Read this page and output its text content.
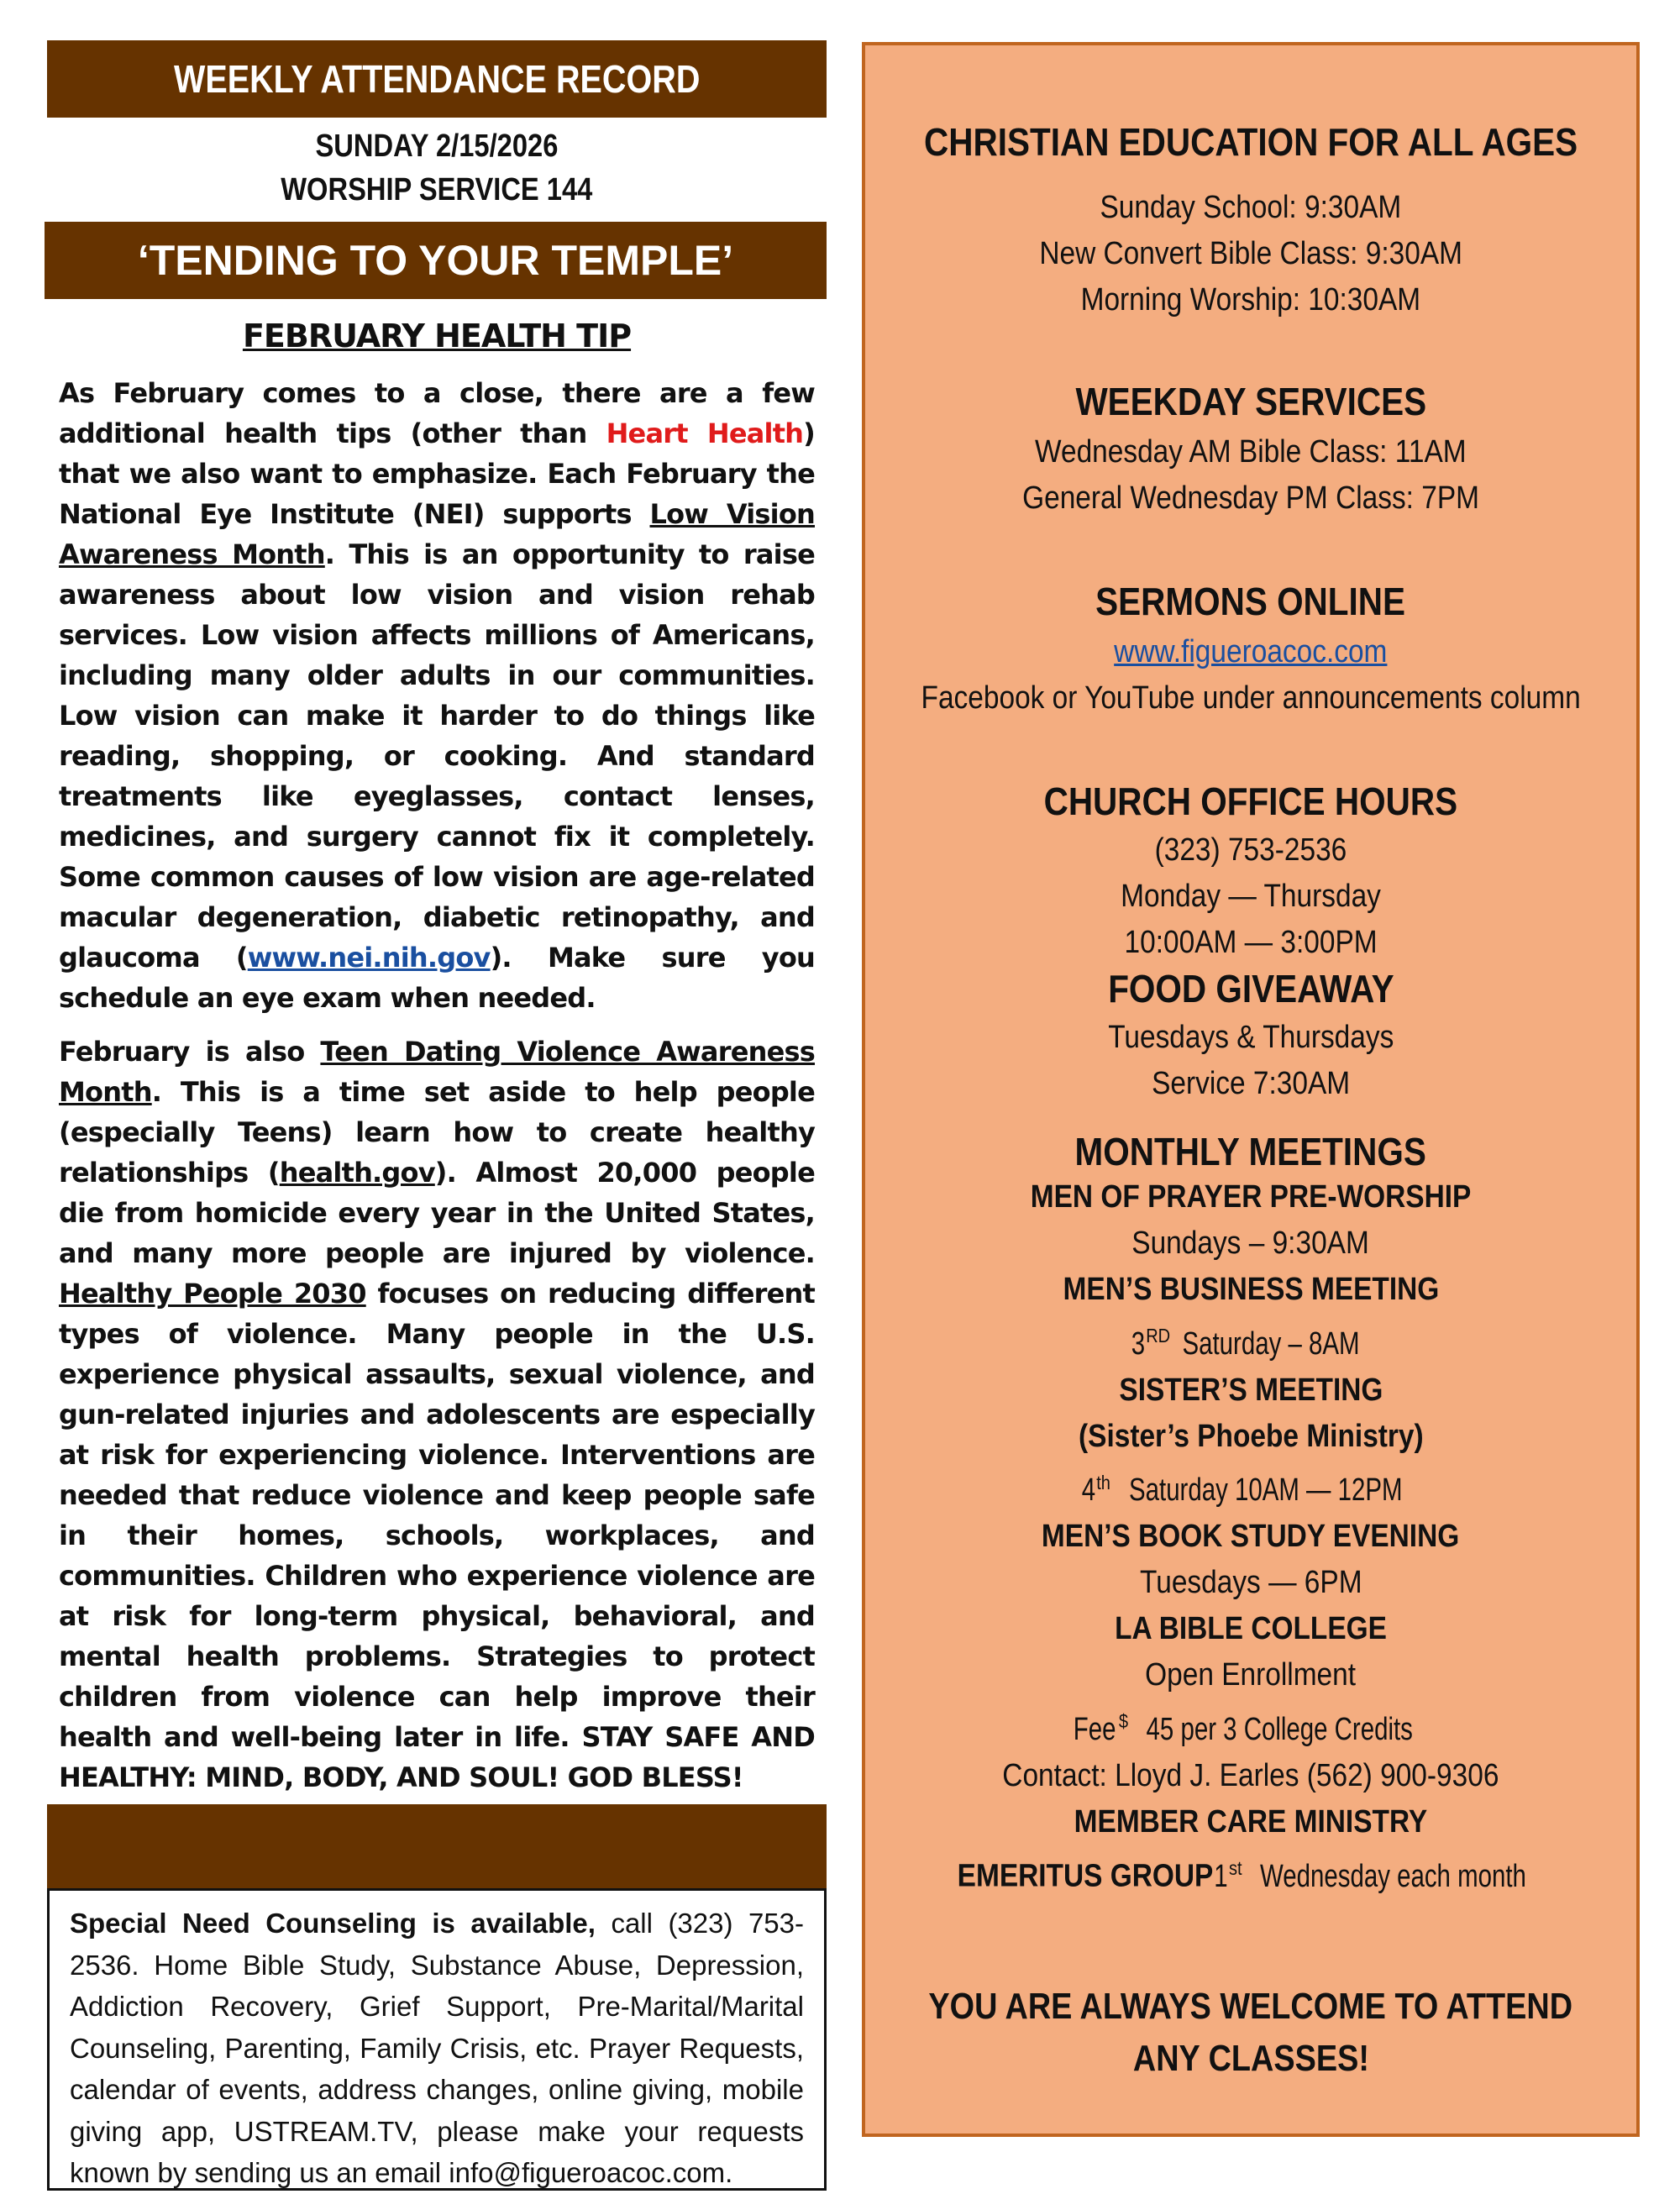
WEEKLY ATTENDANCE RECORD
SUNDAY 2/15/2026
WORSHIP SERVICE 144
‘TENDING TO YOUR TEMPLE’
FEBRUARY HEALTH TIP
As February comes to a close, there are a few additional health tips (other than Heart Health) that we also want to emphasize. Each February the National Eye Institute (NEI) supports Low Vision Awareness Month. This is an opportunity to raise awareness about low vision and vision rehab services. Low vision affects millions of Americans, including many older adults in our communities. Low vision can make it harder to do things like reading, shopping, or cooking. And standard treatments like eyeglasses, contact lenses, medicines, and surgery cannot fix it completely. Some common causes of low vision are age-related macular degeneration, diabetic retinopathy, and glaucoma (www.nei.nih.gov). Make sure you schedule an eye exam when needed.
February is also Teen Dating Violence Awareness Month. This is a time set aside to help people (especially Teens) learn how to create healthy relationships (health.gov). Almost 20,000 people die from homicide every year in the United States, and many more people are injured by violence. Healthy People 2030 focuses on reducing different types of violence. Many people in the U.S. experience physical assaults, sexual violence, and gun-related injuries and adolescents are especially at risk for experiencing violence. Interventions are needed that reduce violence and keep people safe in their homes, schools, workplaces, and communities. Children who experience violence are at risk for long-term physical, behavioral, and mental health problems. Strategies to protect children from violence can help improve their health and well-being later in life. STAY SAFE AND HEALTHY: MIND, BODY, AND SOUL! GOD BLESS!
Special Need Counseling is available, call (323) 753-2536. Home Bible Study, Substance Abuse, Depression, Addiction Recovery, Grief Support, Pre-Marital/Marital Counseling, Parenting, Family Crisis, etc. Prayer Requests, calendar of events, address changes, online giving, mobile giving app, USTREAM.TV, please make your requests known by sending us an email info@figueroacoc.com.
CHRISTIAN EDUCATION FOR ALL AGES
Sunday School: 9:30AM
New Convert Bible Class: 9:30AM
Morning Worship: 10:30AM
WEEKDAY SERVICES
Wednesday AM Bible Class: 11AM
General Wednesday PM Class: 7PM
SERMONS ONLINE
www.figueroacoc.com
Facebook or YouTube under announcements column
CHURCH OFFICE HOURS
(323) 753-2536
Monday — Thursday
10:00AM — 3:00PM
FOOD GIVEAWAY
Tuesdays & Thursdays
Service 7:30AM
MONTHLY MEETINGS
MEN OF PRAYER PRE-WORSHIP
Sundays – 9:30AM
MEN’S BUSINESS MEETING
3RDSaturday – 8AM
SISTER’S MEETING
(Sister’s Phoebe Ministry)
4thSaturday 10AM — 12PM
MEN’S BOOK STUDY EVENING
Tuesdays — 6PM
LA BIBLE COLLEGE
Open Enrollment
Fee$ 45 per 3 College Credits
Contact: Lloyd J. Earles (562) 900-9306
MEMBER CARE MINISTRY
EMERITUS GROUP1stWednesday each month
YOU ARE ALWAYS WELCOME TO ATTEND
ANY CLASSES!
